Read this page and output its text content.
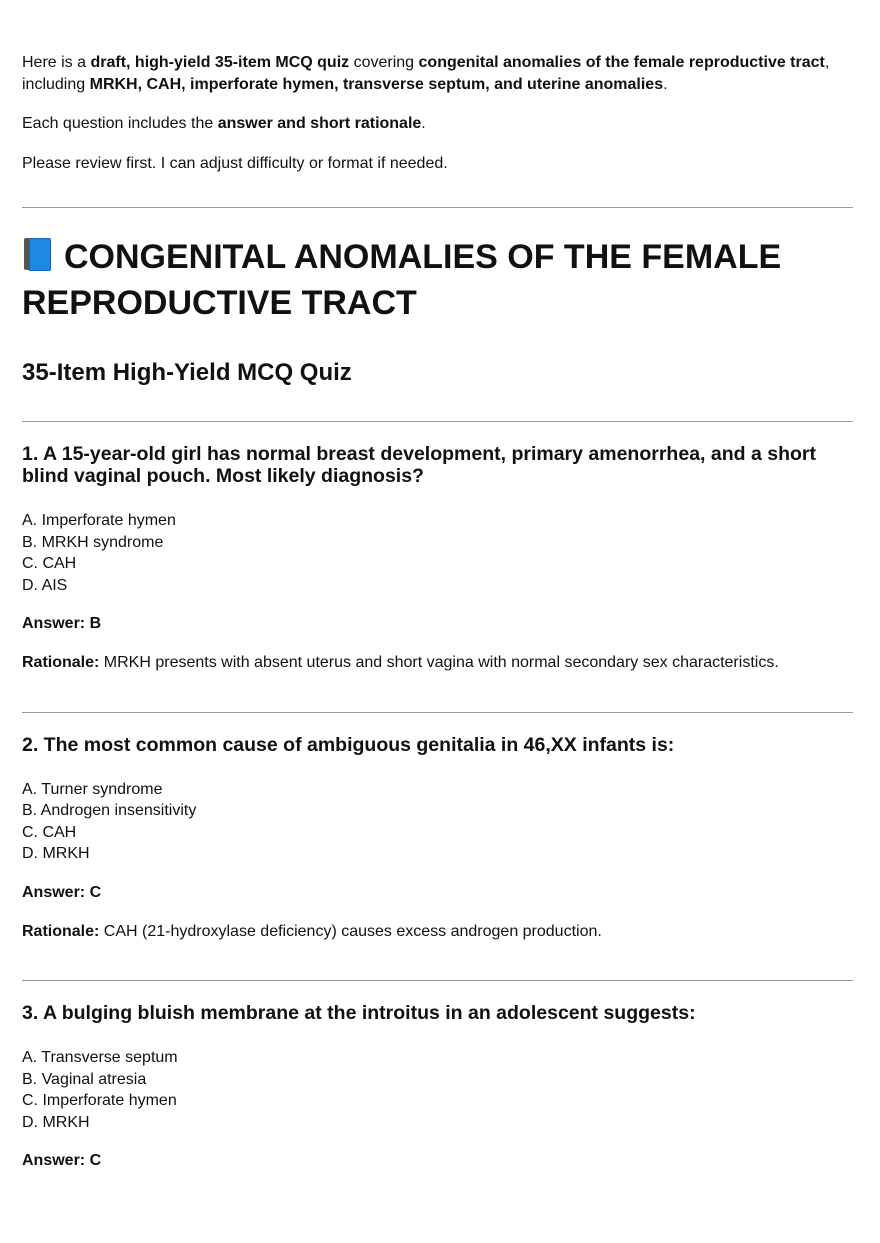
Here is a draft, high-yield 35-item MCQ quiz covering congenital anomalies of the female reproductive tract, including MRKH, CAH, imperforate hymen, transverse septum, and uterine anomalies.

Each question includes the answer and short rationale.

Please review first. I can adjust difficulty or format if needed.

CONGENITAL ANOMALIES OF THE FEMALE REPRODUCTIVE TRACT
35-Item High-Yield MCQ Quiz
1. A 15-year-old girl has normal breast development, primary amenorrhea, and a short blind vaginal pouch. Most likely diagnosis?

A. Imperforate hymen

B. MRKH syndrome

C. CAH

D. AIS

Answer: B

Rationale: MRKH presents with absent uterus and short vagina with normal secondary sex characteristics.

2. The most common cause of ambiguous genitalia in 46,XX infants is:

A. Turner syndrome

B. Androgen insensitivity

C. CAH

D. MRKH

Answer: C

Rationale: CAH (21-hydroxylase deficiency) causes excess androgen production.

3. A bulging bluish membrane at the introitus in an adolescent suggests:

A. Transverse septum

B. Vaginal atresia

C. Imperforate hymen

D. MRKH

Answer: C
